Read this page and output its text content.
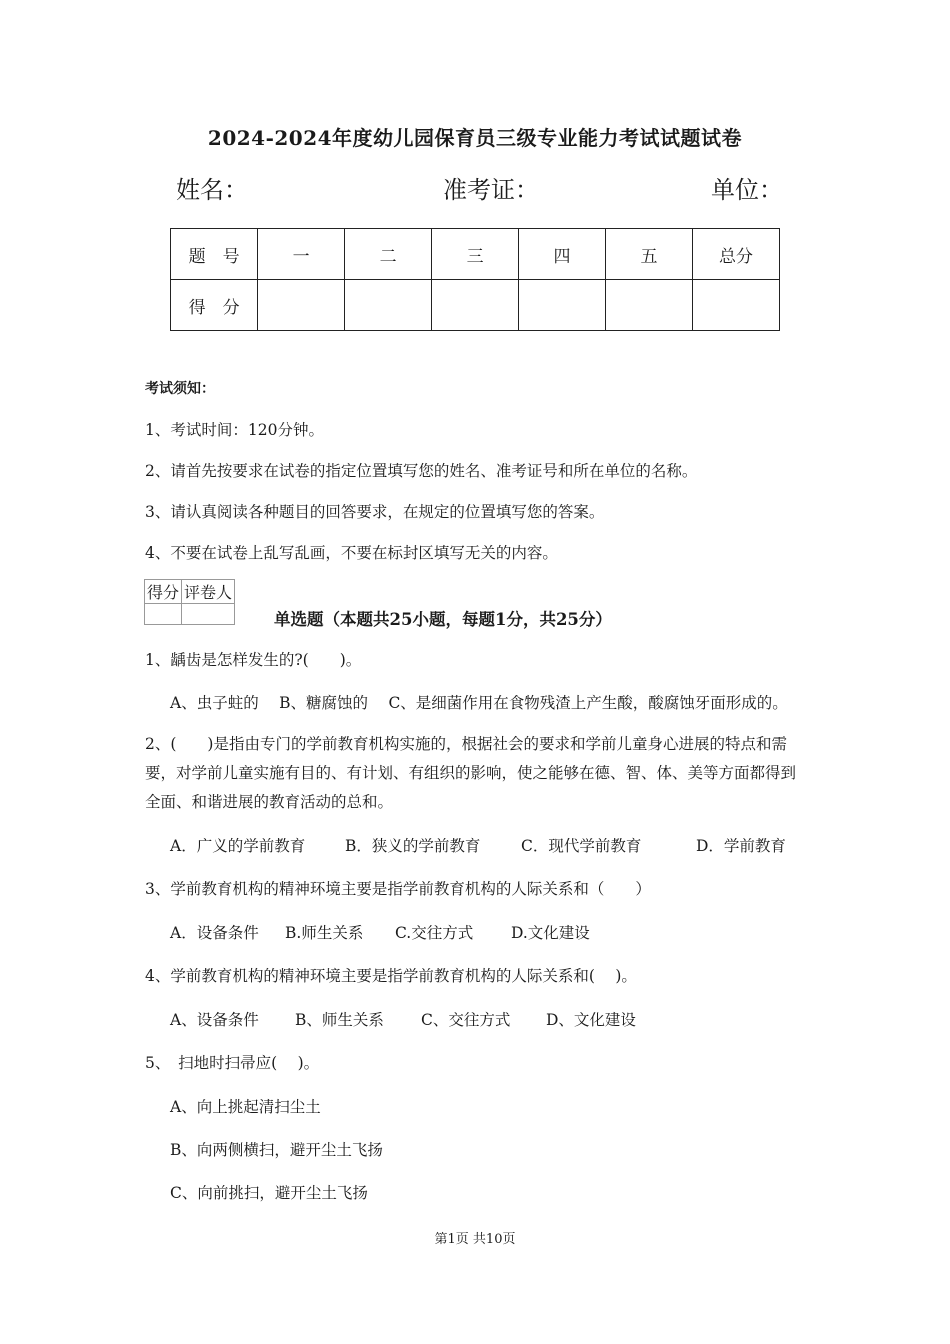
2024-2024年度幼儿园保育员三级专业能力考试试题试卷
姓名：	准考证：	单位：
题　号	一	二	三	四	五	总分
得　分						
考试须知：
1、考试时间：120分钟。
2、请首先按要求在试卷的指定位置填写您的姓名、准考证号和所在单位的名称。
3、请认真阅读各种题目的回答要求，在规定的位置填写您的答案。
4、不要在试卷上乱写乱画，不要在标封区填写无关的内容。
得分	评卷人

单选题（本题共25小题，每题1分，共25分）
1、龋齿是怎样发生的?(　　)。
A、虫子蛀的　 B、糖腐蚀的　 C、是细菌作用在食物残渣上产生酸，酸腐蚀牙面形成的。
2、(　　)是指由专门的学前教育机构实施的，根据社会的要求和学前儿童身心进展的特点和需要，对学前儿童实施有目的、有计划、有组织的影响，使之能够在德、智、体、美等方面都得到全面、和谐进展的教育活动的总和。
A．广义的学前教育	B．狭义的学前教育	C．现代学前教育	D．学前教育
3、学前教育机构的精神环境主要是指学前教育机构的人际关系和（　　）
A．设备条件 B.师生关系 C.交往方式 D.文化建设
4、学前教育机构的精神环境主要是指学前教育机构的人际关系和(　 )。
A、设备条件 B、师生关系 C、交往方式 D、文化建设
5、　扫地时扫帚应(　 )。
A、向上挑起清扫尘土
B、向两侧横扫，避开尘土飞扬
C、向前挑扫，避开尘土飞扬
第1页 共10页
